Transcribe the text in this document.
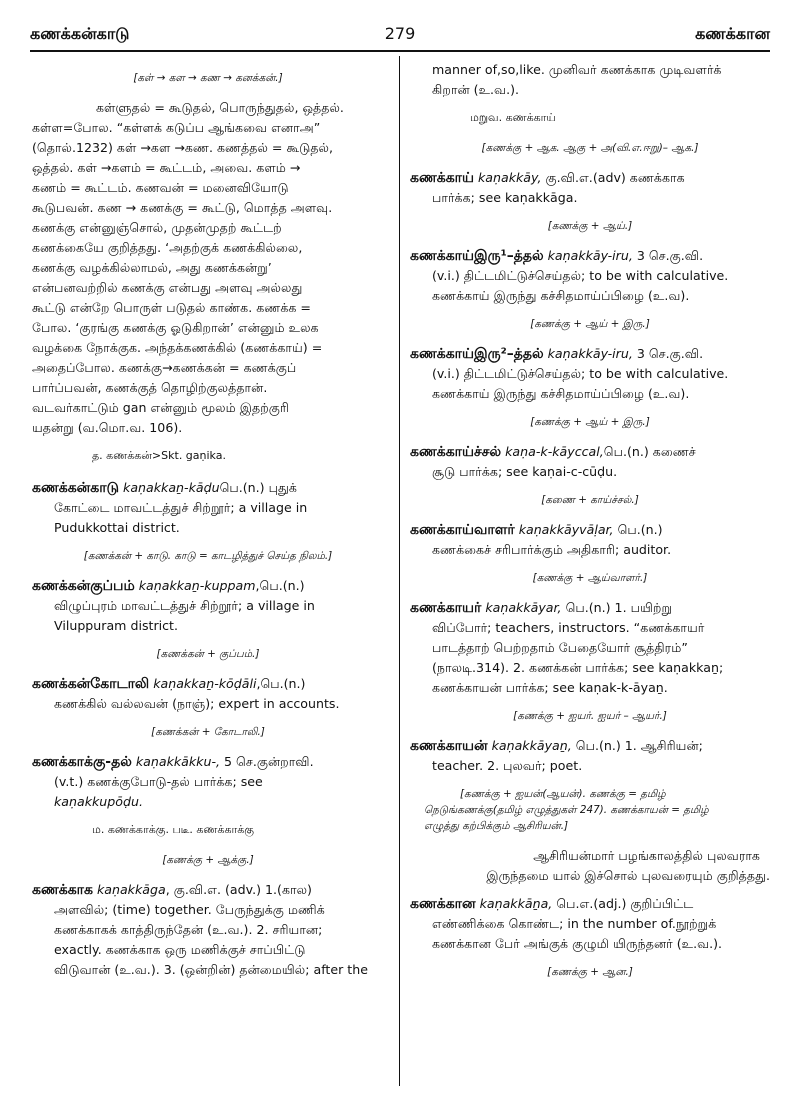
கணக்கன்காடு	279	கணக்கான

[கள் → கள → கண → கனக்கன்.]

கள்ளுதல் = கூடுதல், பொருந்துதல், ஒத்தல்.
கள்ள=போல. “கள்ளக் கடுப்ப ஆங்கவை எனாஅ”
(தொல்.1232) கள் →கள →கண. கணத்தல் = கூடுதல்,
ஒத்தல். கள் →களம் = கூட்டம், அவை. களம் →
கணம் = கூட்டம். கணவன் = மனைவியோடு
கூடுபவன். கண → கணக்கு = கூட்டு, மொத்த அளவு.
கணக்கு என்னுஞ்சொல், முதன்முதற் கூட்டற்
கணக்கையே குறித்தது. ‘அதற்குக் கணக்கில்லை,
கணக்கு வழக்கில்லாமல், அது கணக்கன்று’
என்பனவற்றில் கணக்கு என்பது அளவு அல்லது
கூட்டு என்றே பொருள் படுதல் காண்க. கணக்க =
போல. ‘குரங்கு கணக்கு ஓடுகிறான்’ என்னும் உலக
வழக்கை நோக்குக. அந்தக்கணக்கில் (கணக்காய்) =
அதைப்போல. கணக்கு→கணக்கன் = கணக்குப்
பார்ப்பவன், கணக்குத் தொழிற்குலத்தான்.
வடவர்காட்டும் gan என்னும் மூலம் இதற்குரி
யதன்று (வ.மொ.வ. 106).

த. கணக்கன்>Skt. gaṇika.

கணக்கன்காடு kaṇakkaṉ-kāḍuபெ.(n.) புதுக்
கோட்டை மாவட்டத்துச் சிற்றூர்; a village in
Pudukkottai district.

[கணக்கன் + காடு. காடு = காடழித்துச் செய்த நிலம்.]

கணக்கன்குப்பம் kaṇakkaṉ-kuppam,பெ.(n.)
விழுப்புரம் மாவட்டத்துச் சிற்றூர்; a village in
Viluppuram district.

[கணக்கன் + குப்பம்.]

கணக்கன்கோடாலி kaṇakkaṉ-kōḍāli,பெ.(n.)
கணக்கில் வல்லவன் (நாஞ்); expert in accounts.

[கணக்கன் + கோடாலி.]

கணக்காக்கு-தல் kaṇakkākku-, 5 செ.குன்றாவி.
(v.t.) கணக்குபோடு-தல் பார்க்க; see
kaṇakkupōḍu.

ம. கணக்காக்கு. படீ. கணக்காக்கு

[கணக்கு + ஆக்கு.]

கணக்காக kaṇakkāga, கு.வி.எ. (adv.) 1.(கால)
அளவில்; (time) together. பேருந்துக்கு மணிக்
கணக்காகக் காத்திருந்தேன் (உ.வ.). 2. சரியான;
exactly. கணக்காக ஒரு மணிக்குச் சாப்பிட்டு
விடுவான் (உ.வ.). 3. (ஒன்றின்) தன்மையில்; after the
manner of,so,like. முனிவர் கணக்காக முடிவளர்க்
கிறான் (உ.வ.).

மறுவ. கணக்காய்

[கணக்கு + ஆக. ஆகு + அ(வி.எ.ஈறு)– ஆக.]

கணக்காய் kaṇakkāy, கு.வி.எ.(adv) கணக்காக
பார்க்க; see kaṇakkāga.

[கணக்கு + ஆய்.]

கணக்காய்இரு¹–த்தல் kaṇakkāy-iru, 3 செ.கு.வி.
(v.i.) திட்டமிட்டுச்செய்தல்; to be with calculative.
கணக்காய் இருந்து கச்சிதமாய்ப்பிழை (உ.வ).

[கணக்கு + ஆய் + இரு.]

கணக்காய்இரு²–த்தல் kaṇakkāy-iru, 3 செ.கு.வி.
(v.i.) திட்டமிட்டுச்செய்தல்; to be with calculative.
கணக்காய் இருந்து கச்சிதமாய்ப்பிழை (உ.வ).

[கணக்கு + ஆய் + இரு.]

கணக்காய்ச்சல் kaṇa-k-kāyccal,பெ.(n.) கணைச்
சூடு பார்க்க; see kaṇai-c-cūḍu.

[கணை + காய்ச்சல்.]

கணக்காய்வாளர் kaṇakkāyvāḷar, பெ.(n.)
கணக்கைச் சரிபார்க்கும் அதிகாரி; auditor.

[கணக்கு + ஆய்வாளர்.]

கணக்காயர் kaṇakkāyar, பெ.(n.) 1. பயிற்று
விப்போர்; teachers, instructors. “கணக்காயர்
பாடத்தாற் பெற்றதாம் பேதையோர் சூத்திரம்”
(நாலடி.314). 2. கணக்கன் பார்க்க; see kaṇakkaṉ;
கணக்காயன் பார்க்க; see kaṇak-k-āyaṉ.

[கணக்கு + ஐயர். ஐயர் – ஆயர்.]

கணக்காயன் kaṇakkāyaṉ, பெ.(n.) 1. ஆசிரியன்;
teacher. 2. புலவர்; poet.
[கணக்கு + ஐயன்(ஆயன்). கணக்கு = தமிழ்
நெடுங்கணக்கு(தமிழ் எழுத்துகள் 247). கணக்காயன் = தமிழ்
எழுத்து கற்பிக்கும் ஆசிரியன்.]
ஆசிரியன்மார் பழங்காலத்தில் புலவராக
இருந்தமை யால் இச்சொல் புலவரையும் குறித்தது.
கணக்கான kaṇakkāṉa, பெ.எ.(adj.) குறிப்பிட்ட
எண்ணிக்கை கொண்ட; in the number of.நூற்றுக்
கணக்கான பேர் அங்குக் குழுமி யிருந்தனர் (உ.வ.).

[கணக்கு + ஆன.]
